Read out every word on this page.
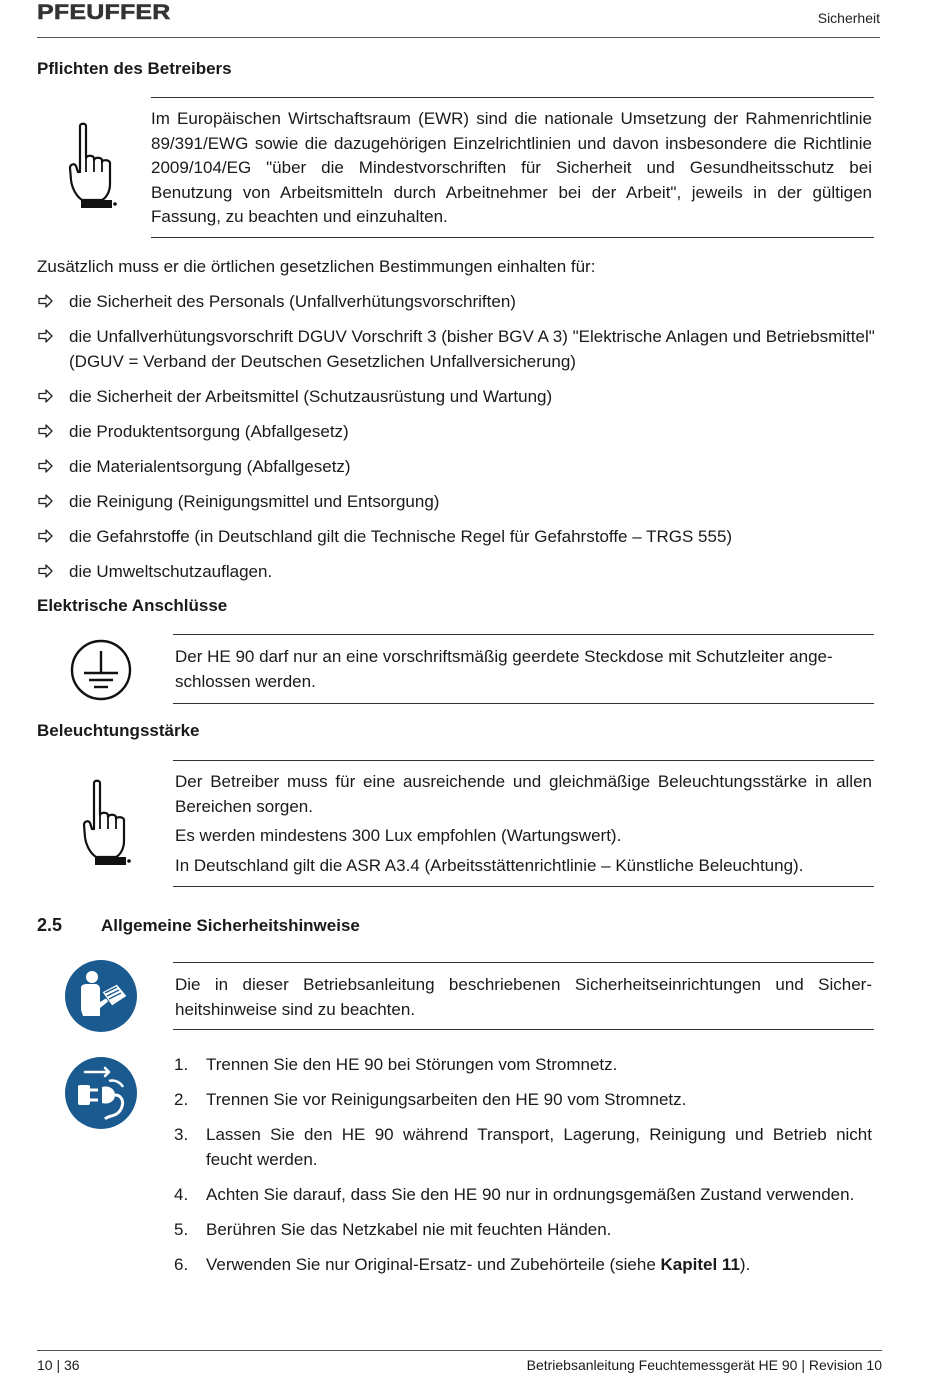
PFEUFFER	Sicherheit
Pflichten des Betreibers

Im Europäischen Wirtschaftsraum (EWR) sind die nationale Umsetzung der Rahmenrichtlinie 89/391/EWG sowie die dazugehörigen Einzelrichtlinien und davon insbesondere die Richtlinie 2009/104/EG "über die Mindestvorschriften für Sicherheit und Gesundheitsschutz bei Benutzung von Arbeitsmitteln durch Arbeitnehmer bei der Arbeit", jeweils in der gültigen Fassung, zu beachten und einzuhalten.

Zusätzlich muss er die örtlichen gesetzlichen Bestimmungen einhalten für:
die Sicherheit des Personals (Unfallverhütungsvorschriften)
die Unfallverhütungsvorschrift DGUV Vorschrift 3 (bisher BGV A 3) "Elektrische Anlagen und Betriebsmittel" (DGUV = Verband der Deutschen Gesetzlichen Unfallversicherung)
die Sicherheit der Arbeitsmittel (Schutzausrüstung und Wartung)
die Produktentsorgung (Abfallgesetz)
die Materialentsorgung (Abfallgesetz)
die Reinigung (Reinigungsmittel und Entsorgung)
die Gefahrstoffe (in Deutschland gilt die Technische Regel für Gefahrstoffe – TRGS 555)
die Umweltschutzauflagen.
Elektrische Anschlüsse

Der HE 90 darf nur an eine vorschriftsmäßig geerdete Steckdose mit Schutzleiter angeschlossen werden.

Beleuchtungsstärke

Der Betreiber muss für eine ausreichende und gleichmäßige Beleuchtungsstärke in allen Bereichen sorgen.

Es werden mindestens 300 Lux empfohlen (Wartungswert).

In Deutschland gilt die ASR A3.4 (Arbeitsstättenrichtlinie – Künstliche Beleuchtung).

2.5 Allgemeine Sicherheitshinweise

Die in dieser Betriebsanleitung beschriebenen Sicherheitseinrichtungen und Sicherheitshinweise sind zu beachten.

1. Trennen Sie den HE 90 bei Störungen vom Stromnetz.
2. Trennen Sie vor Reinigungsarbeiten den HE 90 vom Stromnetz.
3. Lassen Sie den HE 90 während Transport, Lagerung, Reinigung und Betrieb nicht feucht werden.
4. Achten Sie darauf, dass Sie den HE 90 nur in ordnungsgemäßen Zustand verwenden.
5. Berühren Sie das Netzkabel nie mit feuchten Händen.
6. Verwenden Sie nur Original-Ersatz- und Zubehörteile (siehe Kapitel 11).
10 | 36	Betriebsanleitung Feuchtemessgerät HE 90 | Revision 10
